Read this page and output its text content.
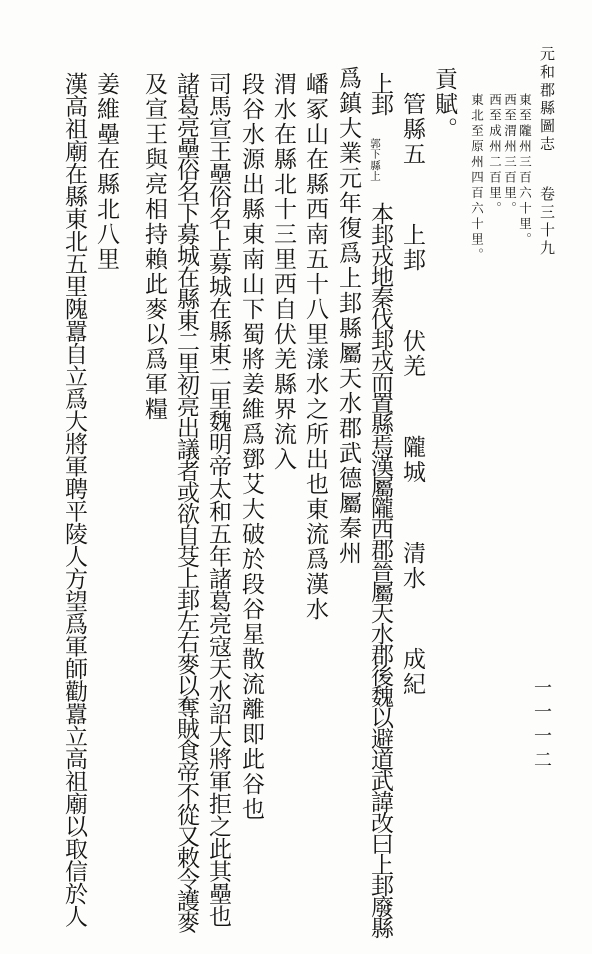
元和郡縣圖志卷三十九
一一一二
東至隴州三百六十里。
西至渭州三百里。
西至成州二百里。
東北至原州四百六十里。
貢賦。
管縣五  上邽  伏羌  隴城  清水  成紀
上邽
縣上
郭下
本邽戎地秦伐邽戎而置縣焉漢屬隴西郡晉屬天水郡後魏以避道武諱改曰上邽廢縣
爲鎮大業元年復爲上邽縣屬天水郡武德屬秦州
嶓冢山在縣西南五十八里漾水之所出也東流爲漢水
渭水在縣北十三里西自伏羌縣界流入
段谷水源出縣東南山下蜀將姜維爲鄧艾大破於段谷星散流離即此谷也
司馬宣王壘俗名上募城在縣東二里魏明帝太和五年諸葛亮寇天水詔大將軍拒之此其壘也
諸葛亮壘俗名下募城在縣東二里初亮出議者或欲自芟上邽左右麥以奪賊食帝不從又敕令護麥
及宣王與亮相持賴此麥以爲軍糧
姜維壘在縣北八里
漢高祖廟在縣東北五里隗囂自立爲大將軍聘平陵人方望爲軍師勸囂立高祖廟以取信於人
